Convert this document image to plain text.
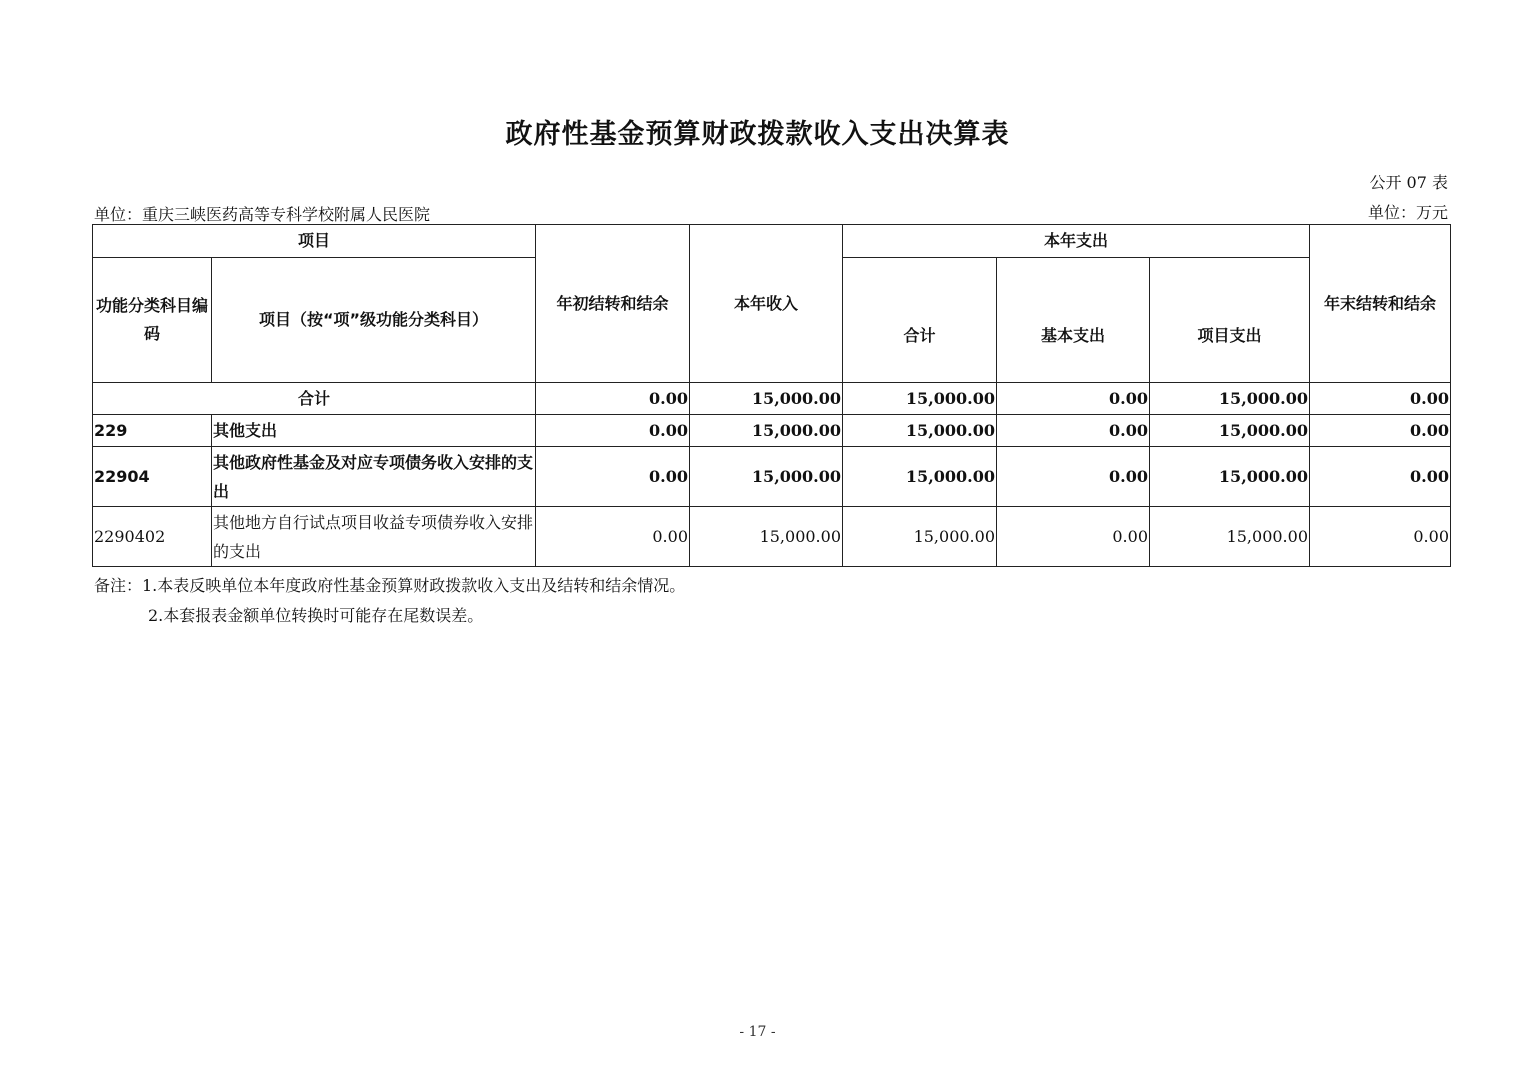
政府性基金预算财政拨款收入支出决算表
公开 07 表
单位：重庆三峡医药高等专科学校附属人民医院	单位：万元
项目		年初结转和结余	本年收入	本年支出			年末结转和结余
功能分类科目编码	项目（按“项”级功能分类科目）			合计	基本支出	项目支出	
合计		0.00	15,000.00	15,000.00	0.00	15,000.00	0.00
229	其他支出	0.00	15,000.00	15,000.00	0.00	15,000.00	0.00
22904	其他政府性基金及对应专项债务收入安排的支出	0.00	15,000.00	15,000.00	0.00	15,000.00	0.00
2290402	其他地方自行试点项目收益专项债券收入安排的支出	0.00	15,000.00	15,000.00	0.00	15,000.00	0.00
备注：1.本表反映单位本年度政府性基金预算财政拨款收入支出及结转和结余情况。
2.本套报表金额单位转换时可能存在尾数误差。
- 17 -
